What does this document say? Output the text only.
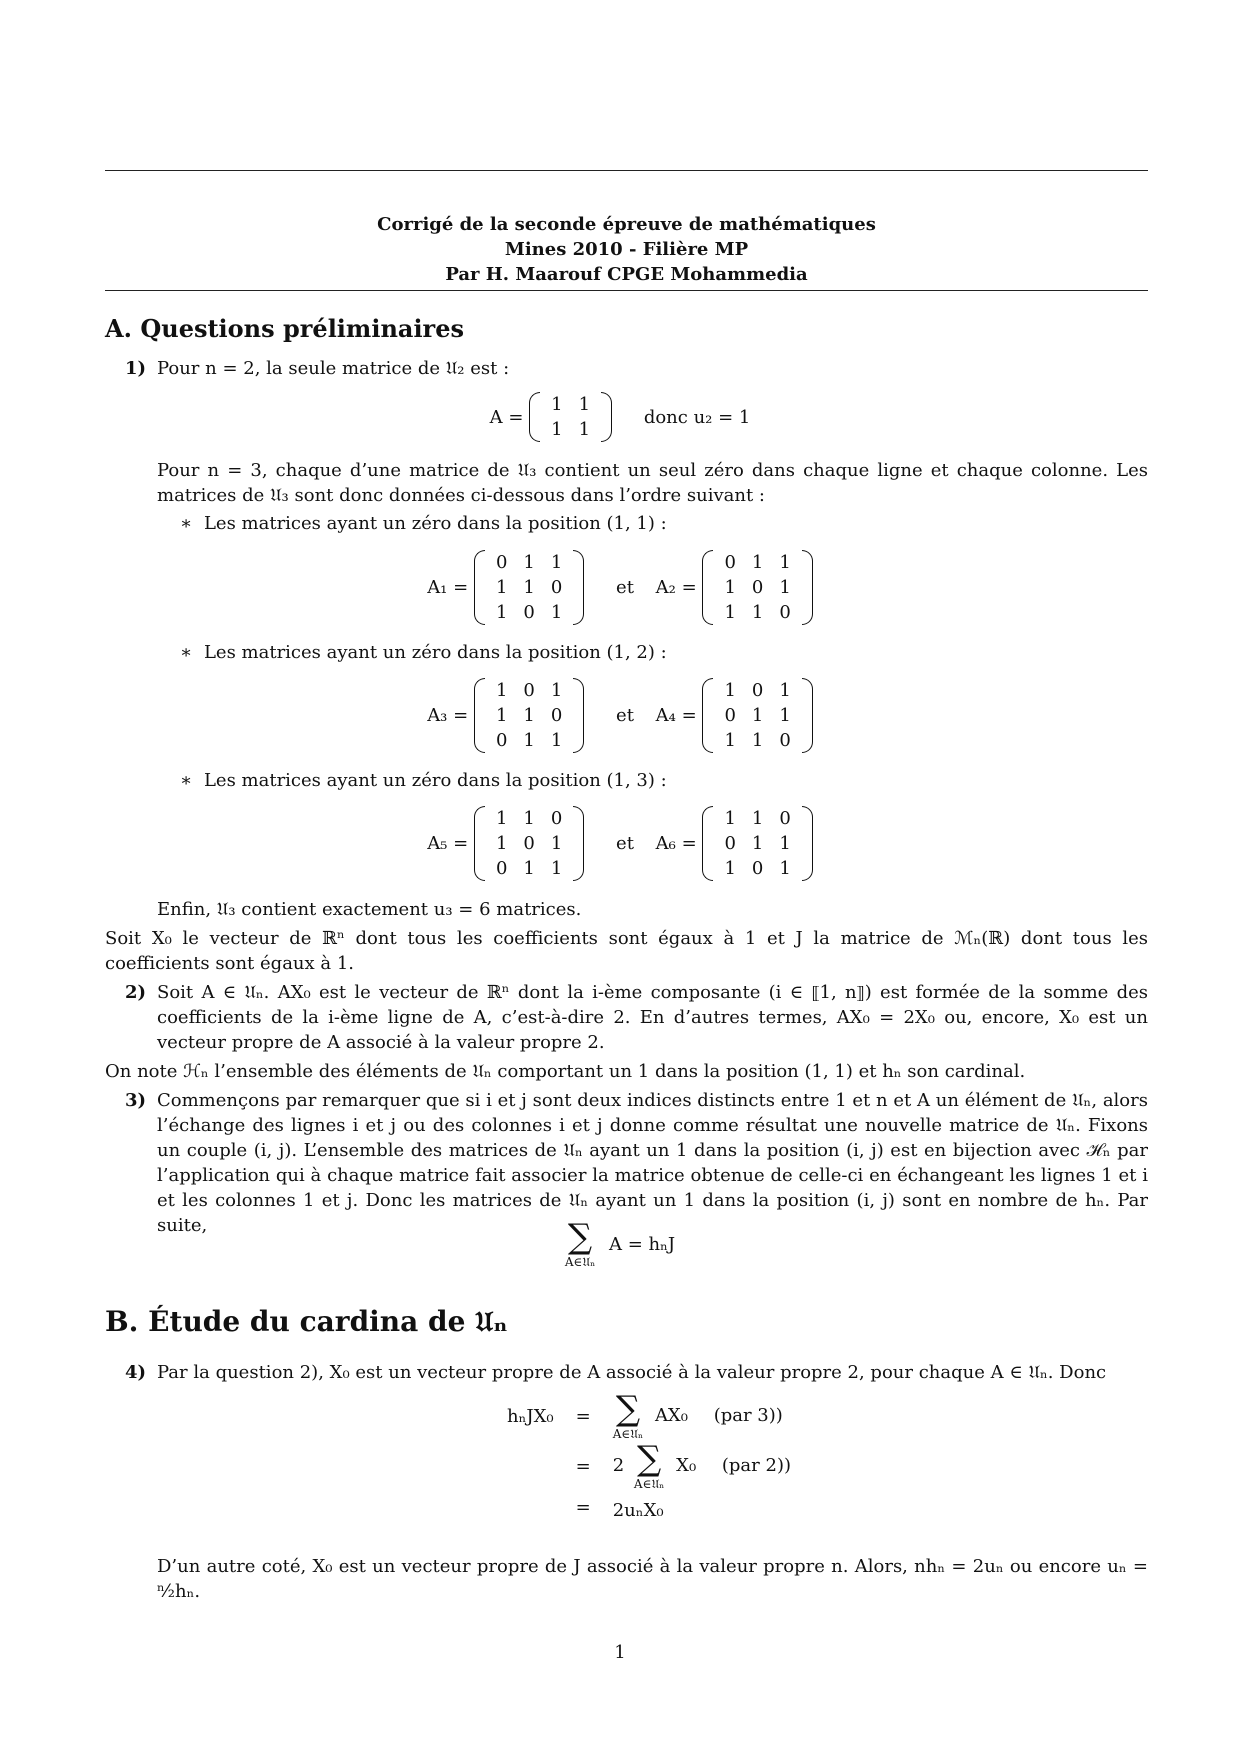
Corrigé de la seconde épreuve de mathématiques
Mines 2010 - Filière MP
Par H. Maarouf CPGE Mohammedia
A. Questions préliminaires
1) Pour n = 2, la seule matrice de 𝔘₂ est :
A =
1	1
1	1
donc u₂ = 1
Pour n = 3, chaque d’une matrice de 𝔘₃ contient un seul zéro dans chaque ligne et chaque colonne. Les matrices de 𝔘₃ sont donc données ci-dessous dans l’ordre suivant :
∗ Les matrices ayant un zéro dans la position (1, 1) :
A₁ =
0	1	1
1	1	0
1	0	1
et A₂ =
0	1	1
1	0	1
1	1	0
∗ Les matrices ayant un zéro dans la position (1, 2) :
A₃ =
1	0	1
1	1	0
0	1	1
et A₄ =
1	0	1
0	1	1
1	1	0
∗ Les matrices ayant un zéro dans la position (1, 3) :
A₅ =
1	1	0
1	0	1
0	1	1
et A₆ =
1	1	0
0	1	1
1	0	1
Enfin, 𝔘₃ contient exactement u₃ = 6 matrices.
Soit X₀ le vecteur de ℝⁿ dont tous les coefficients sont égaux à 1 et J la matrice de ℳₙ(ℝ) dont tous les coefficients sont égaux à 1.
2) Soit A ∈ 𝔘ₙ. AX₀ est le vecteur de ℝⁿ dont la i-ème composante (i ∈ ⟦1, n⟧) est formée de la somme des coefficients de la i-ème ligne de A, c’est-à-dire 2. En d’autres termes, AX₀ = 2X₀ ou, encore, X₀ est un vecteur propre de A associé à la valeur propre 2.
On note ℋₙ l’ensemble des éléments de 𝔘ₙ comportant un 1 dans la position (1, 1) et hₙ son cardinal.
3) Commençons par remarquer que si i et j sont deux indices distincts entre 1 et n et A un élément de 𝔘ₙ, alors l’échange des lignes i et j ou des colonnes i et j donne comme résultat une nouvelle matrice de 𝔘ₙ. Fixons un couple (i, j). L’ensemble des matrices de 𝔘ₙ ayant un 1 dans la position (i, j) est en bijection avec ℋₙ par l’application qui à chaque matrice fait associer la matrice obtenue de celle-ci en échangeant les lignes 1 et i et les colonnes 1 et j. Donc les matrices de 𝔘ₙ ayant un 1 dans la position (i, j) sont en nombre de hₙ. Par suite,	∑
A∈𝔘ₙ
A = hₙJ
B. Étude du cardina de 𝔘ₙ
4) Par la question 2), X₀ est un vecteur propre de A associé à la valeur propre 2, pour chaque A ∈ 𝔘ₙ. Donc
hₙJX₀	=	∑
A∈𝔘ₙ
AX₀ (par 3))
	=	2 ∑
A∈𝔘ₙ
X₀ (par 2))
	=	2uₙX₀
D’un autre coté, X₀ est un vecteur propre de J associé à la valeur propre n. Alors, nhₙ = 2uₙ ou encore uₙ = ⁿ⁄₂hₙ.
1
